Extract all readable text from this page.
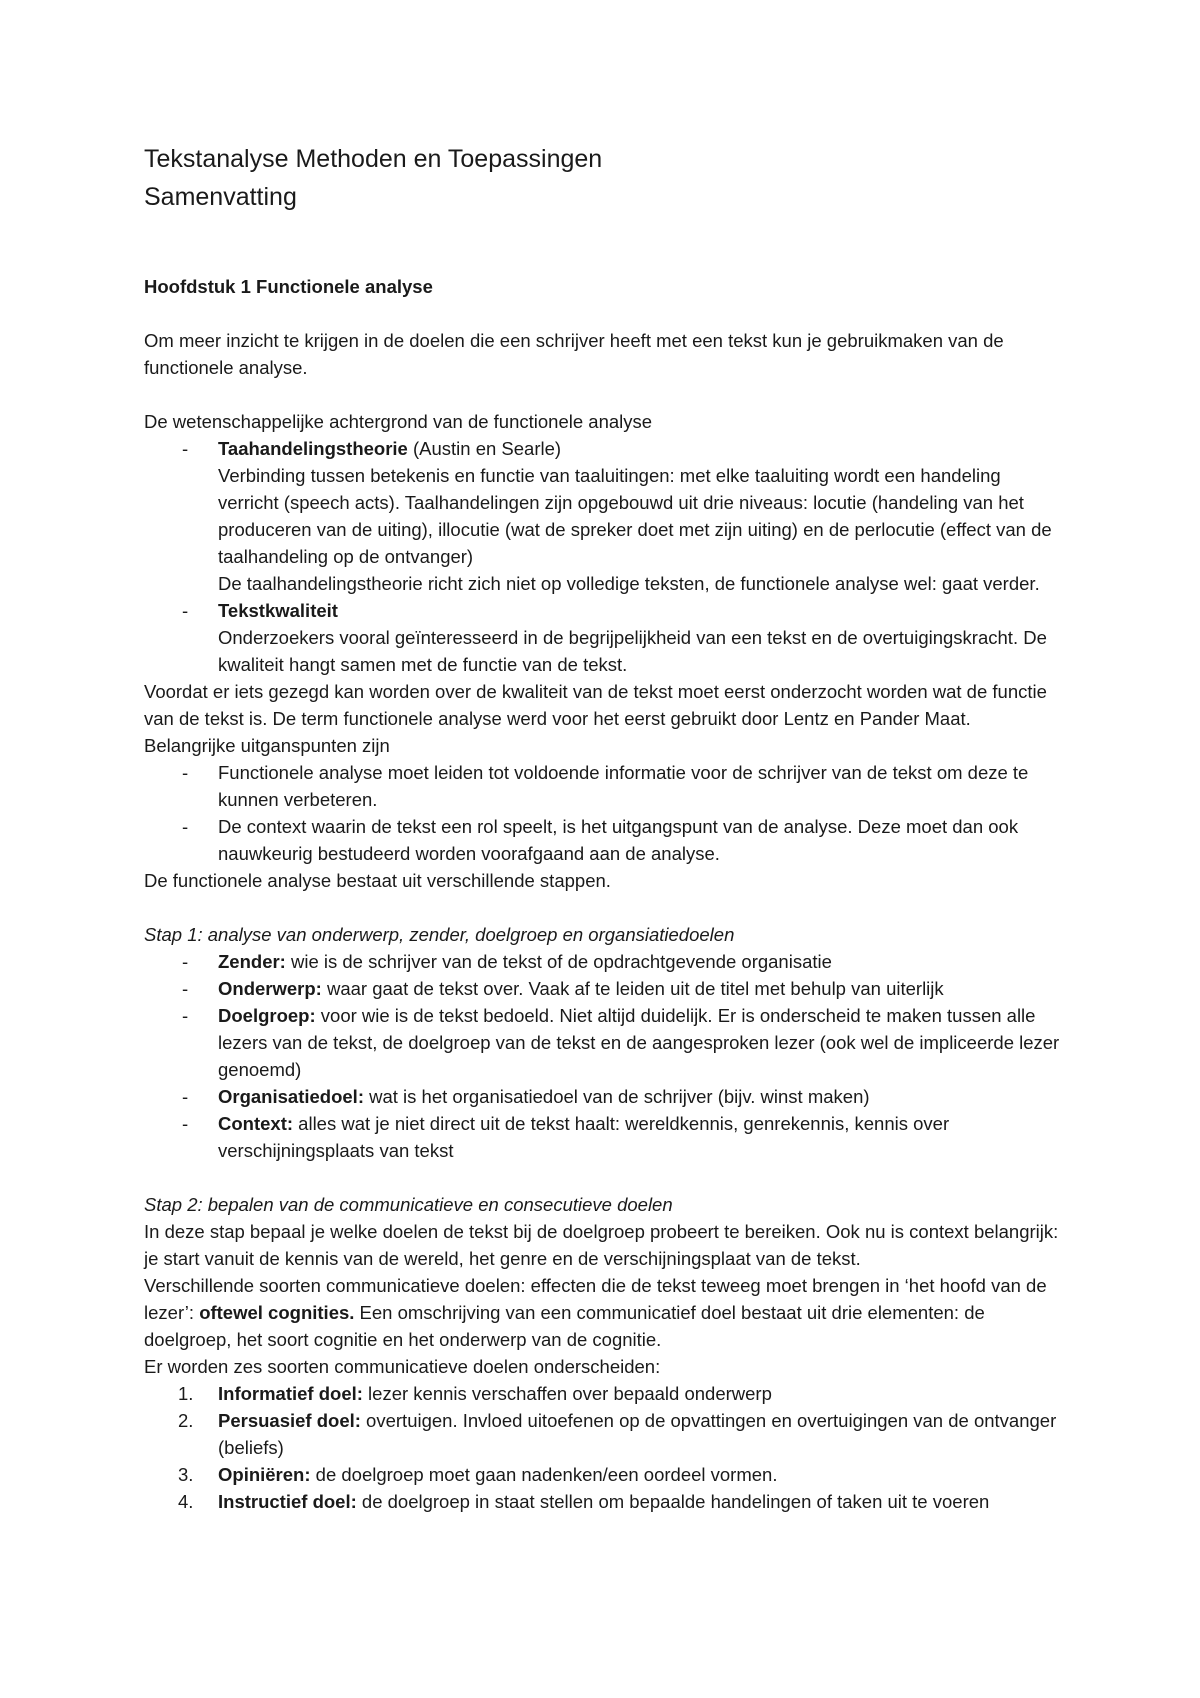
Tekstanalyse Methoden en Toepassingen
Samenvatting

Hoofdstuk 1 Functionele analyse

Om meer inzicht te krijgen in de doelen die een schrijver heeft met een tekst kun je gebruikmaken van de functionele analyse.

De wetenschappelijke achtergrond van de functionele analyse

- Taahandelingstheorie (Austin en Searle)
Verbinding tussen betekenis en functie van taaluitingen: met elke taaluiting wordt een handeling verricht (speech acts). Taalhandelingen zijn opgebouwd uit drie niveaus: locutie (handeling van het produceren van de uiting), illocutie (wat de spreker doet met zijn uiting) en de perlocutie (effect van de taalhandeling op de ontvanger)
De taalhandelingstheorie richt zich niet op volledige teksten, de functionele analyse wel: gaat verder.
- Tekstkwaliteit
Onderzoekers vooral geïnteresseerd in de begrijpelijkheid van een tekst en de overtuigingskracht. De kwaliteit hangt samen met de functie van de tekst.

Voordat er iets gezegd kan worden over de kwaliteit van de tekst moet eerst onderzocht worden wat de functie van de tekst is. De term functionele analyse werd voor het eerst gebruikt door Lentz en Pander Maat. Belangrijke uitganspunten zijn

- Functionele analyse moet leiden tot voldoende informatie voor de schrijver van de tekst om deze te kunnen verbeteren.
- De context waarin de tekst een rol speelt, is het uitgangspunt van de analyse. Deze moet dan ook nauwkeurig bestudeerd worden voorafgaand aan de analyse.

De functionele analyse bestaat uit verschillende stappen.

Stap 1: analyse van onderwerp, zender, doelgroep en organsiatiedoelen

- Zender: wie is de schrijver van de tekst of de opdrachtgevende organisatie
- Onderwerp: waar gaat de tekst over. Vaak af te leiden uit de titel met behulp van uiterlijk
- Doelgroep: voor wie is de tekst bedoeld. Niet altijd duidelijk. Er is onderscheid te maken tussen alle lezers van de tekst, de doelgroep van de tekst en de aangesproken lezer (ook wel de impliceerde lezer genoemd)
- Organisatiedoel: wat is het organisatiedoel van de schrijver (bijv. winst maken)
- Context: alles wat je niet direct uit de tekst haalt: wereldkennis, genrekennis, kennis over verschijningsplaats van tekst

Stap 2: bepalen van de communicatieve en consecutieve doelen

In deze stap bepaal je welke doelen de tekst bij de doelgroep probeert te bereiken. Ook nu is context belangrijk: je start vanuit de kennis van de wereld, het genre en de verschijningsplaat van de tekst.

Verschillende soorten communicatieve doelen: effecten die de tekst teweeg moet brengen in ‘het hoofd van de lezer’: oftewel cognities. Een omschrijving van een communicatief doel bestaat uit drie elementen: de doelgroep, het soort cognitie en het onderwerp van de cognitie.

Er worden zes soorten communicatieve doelen onderscheiden:

1. Informatief doel: lezer kennis verschaffen over bepaald onderwerp
2. Persuasief doel: overtuigen. Invloed uitoefenen op de opvattingen en overtuigingen van de ontvanger (beliefs)
3. Opiniëren: de doelgroep moet gaan nadenken/een oordeel vormen.
4. Instructief doel: de doelgroep in staat stellen om bepaalde handelingen of taken uit te voeren
